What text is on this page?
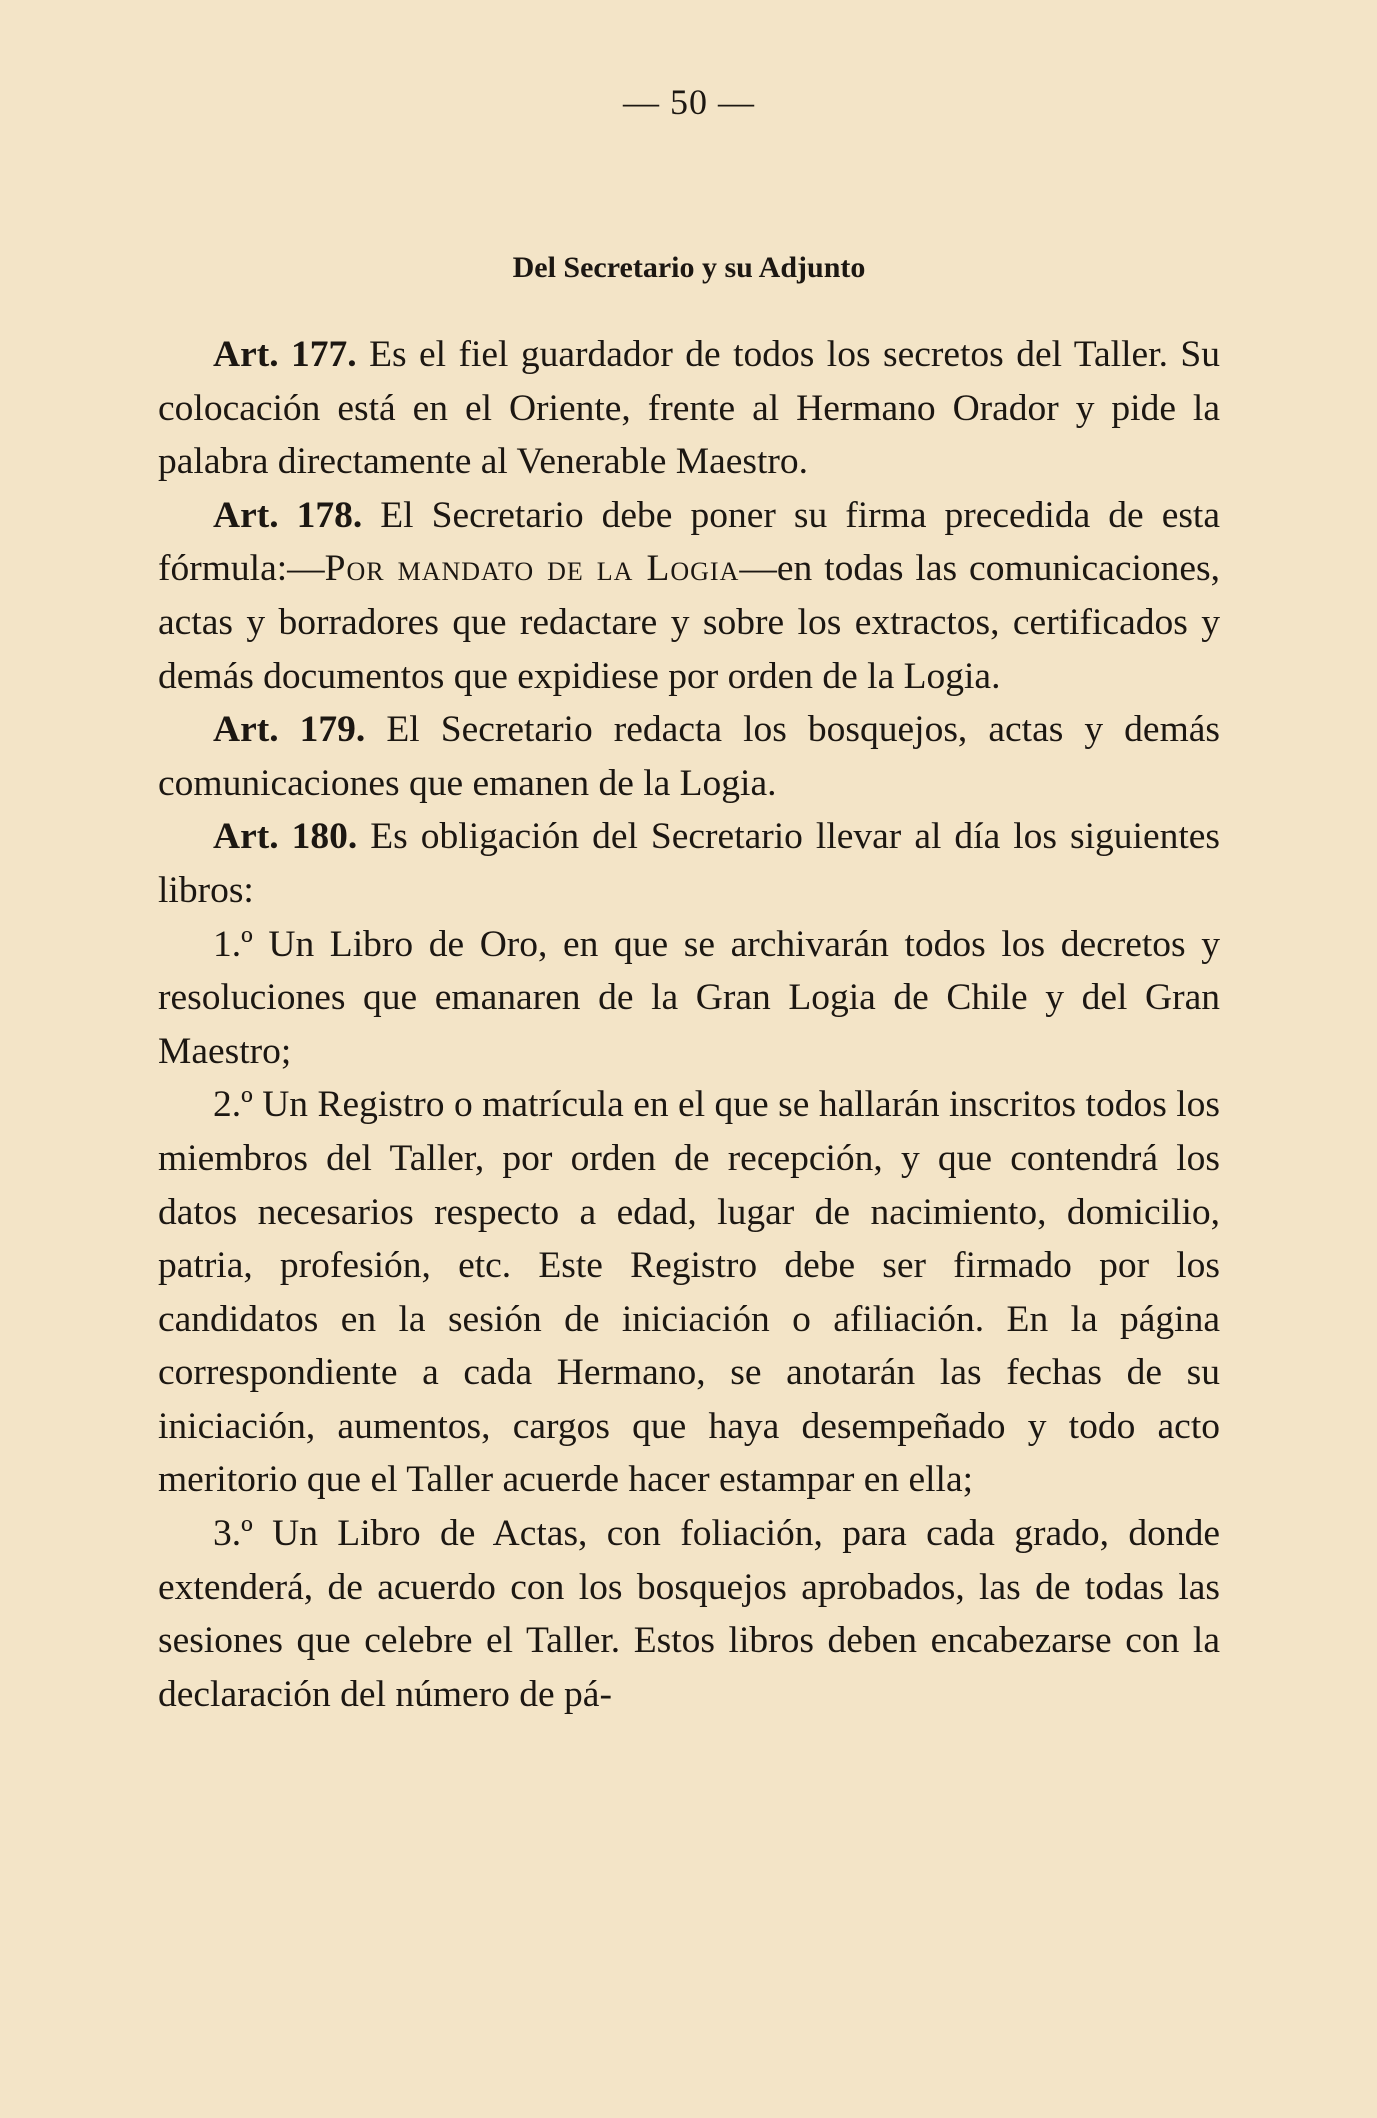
— 50 —
Del Secretario y su Adjunto

Art. 177. Es el fiel guardador de todos los secretos del Taller. Su colocación está en el Oriente, frente al Hermano Orador y pide la palabra directamente al Venerable Maestro.

Art. 178. El Secretario debe poner su firma precedida de esta fórmula:—Por mandato de la Logia—en todas las comunicaciones, actas y borradores que redactare y sobre los extractos, certificados y demás documentos que expidiese por orden de la Logia.

Art. 179. El Secretario redacta los bosquejos, actas y demás comunicaciones que emanen de la Logia.

Art. 180. Es obligación del Secretario llevar al día los siguientes libros:

1.º Un Libro de Oro, en que se archivarán todos los decretos y resoluciones que emanaren de la Gran Logia de Chile y del Gran Maestro;

2.º Un Registro o matrícula en el que se hallarán inscritos todos los miembros del Taller, por orden de recepción, y que contendrá los datos necesarios respecto a edad, lugar de nacimiento, domicilio, patria, profesión, etc. Este Registro debe ser firmado por los candidatos en la sesión de iniciación o afiliación. En la página correspondiente a cada Hermano, se anotarán las fechas de su iniciación, aumentos, cargos que haya desempeñado y todo acto meritorio que el Taller acuerde hacer estampar en ella;

3.º Un Libro de Actas, con foliación, para cada grado, donde extenderá, de acuerdo con los bosquejos aprobados, las de todas las sesiones que celebre el Taller. Estos libros deben encabezarse con la declaración del número de pá-
